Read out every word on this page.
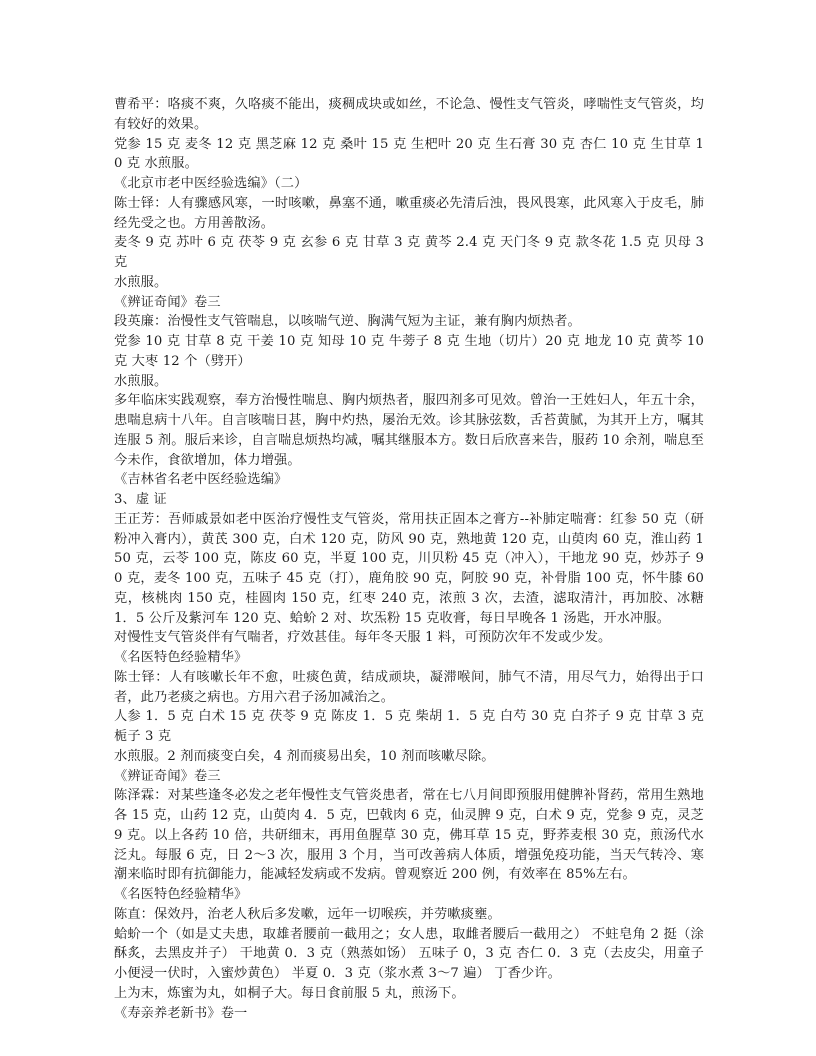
曹希平：咯痰不爽，久咯痰不能出，痰稠成块或如丝，不论急、慢性支气管炎，哮喘性支气管炎，均有较好的效果。
党参 15 克 麦冬 12 克 黑芝麻 12 克 桑叶 15 克 生杷叶 20 克 生石膏 30 克 杏仁 10 克 生甘草 10 克 水煎服。
《北京市老中医经验选编》（二）
陈士铎：人有骤感风寒，一时咳嗽，鼻塞不通，嗽重痰必先清后浊，畏风畏寒，此风寒入于皮毛，肺经先受之也。方用善散汤。
麦冬 9 克 苏叶 6 克 茯苓 9 克 玄参 6 克 甘草 3 克 黄芩 2.4 克 天门冬 9 克 款冬花 1.5 克 贝母 3 克
水煎服。
《辨证奇闻》卷三
段英廉：治慢性支气管喘息，以咳喘气逆、胸满气短为主证，兼有胸内烦热者。
党参 10 克 甘草 8 克 干姜 10 克 知母 10 克 牛蒡子 8 克 生地（切片）20 克 地龙 10 克 黄芩 10 克 大枣 12 个（劈开）
水煎服。
多年临床实践观察，奉方治慢性喘息、胸内烦热者，服四剂多可见效。曾治一王姓妇人，年五十余，患喘息病十八年。自言咳喘日甚，胸中灼热，屡治无效。诊其脉弦数，舌苔黄腻，为其开上方，嘱其连服 5 剂。服后来诊，自言喘息烦热均减，嘱其继服本方。数日后欣喜来告，服药 10 余剂，喘息至今未作，食欲增加，体力增强。
《吉林省名老中医经验选编》
3、虚 证
王正芳：吾师戚景如老中医治疗慢性支气管炎，常用扶正固本之膏方--补肺定喘膏：红参 50 克（研粉冲入膏内），黄芪 300 克，白术 120 克，防风 90 克，熟地黄 120 克，山萸肉 60 克，淮山药 150 克，云苓 100 克，陈皮 60 克，半夏 100 克，川贝粉 45 克（冲入），干地龙 90 克，炒苏子 90 克，麦冬 100 克，五味子 45 克（打），鹿角胶 90 克，阿胶 90 克，补骨脂 100 克，怀牛膝 60 克，核桃肉 150 克，桂圆肉 150 克，红枣 240 克，浓煎 3 次，去渣，滤取清汁，再加胶、冰糖 1．5 公斤及紫河车 120 克、蛤蚧 2 对、坎炁粉 15 克收膏，每日早晚各 1 汤匙，开水冲服。
对慢性支气管炎伴有气喘者，疗效甚佳。每年冬天服 1 料，可预防次年不发或少发。
《名医特色经验精华》
陈士铎：人有咳嗽长年不愈，吐痰色黄，结成顽块，凝滞喉间，肺气不清，用尽气力，始得出于口者，此乃老痰之病也。方用六君子汤加减治之。
人参 1．5 克 白术 15 克 茯苓 9 克 陈皮 1．5 克 柴胡 1．5 克 白芍 30 克 白芥子 9 克 甘草 3 克 栀子 3 克
水煎服。2 剂而痰变白矣，4 剂而痰易出矣，10 剂而咳嗽尽除。
《辨证奇闻》卷三
陈泽霖：对某些逢冬必发之老年慢性支气管炎患者，常在七八月间即预服用健脾补肾药，常用生熟地各 15 克，山药 12 克，山萸肉 4．5 克，巴戟肉 6 克，仙灵脾 9 克，白术 9 克，党参 9 克，灵芝 9 克。以上各药 10 倍，共研细末，再用鱼腥草 30 克，佛耳草 15 克，野荞麦根 30 克，煎汤代水泛丸。每服 6 克，日 2～3 次，服用 3 个月，当可改善病人体质，增强免疫功能，当天气转冷、寒潮来临时即有抗御能力，能减轻发病或不发病。曾观察近 200 例，有效率在 85%左右。
《名医特色经验精华》
陈直：保效丹，治老人秋后多发嗽，远年一切喉疾，并劳嗽痰壅。
蛤蚧一个（如是丈夫患，取雄者腰前一截用之；女人患，取雌者腰后一截用之） 不蛀皂角 2 挺（涂酥炙，去黑皮并子） 干地黄 0．3 克（熟蒸如饧） 五味子 0，3 克 杏仁 0．3 克（去皮尖，用童子小便浸一伏时，入蜜炒黄色） 半夏 0．3 克（浆水煮 3～7 遍） 丁香少许。
上为末，炼蜜为丸，如桐子大。每日食前服 5 丸，煎汤下。
《寿亲养老新书》卷一
